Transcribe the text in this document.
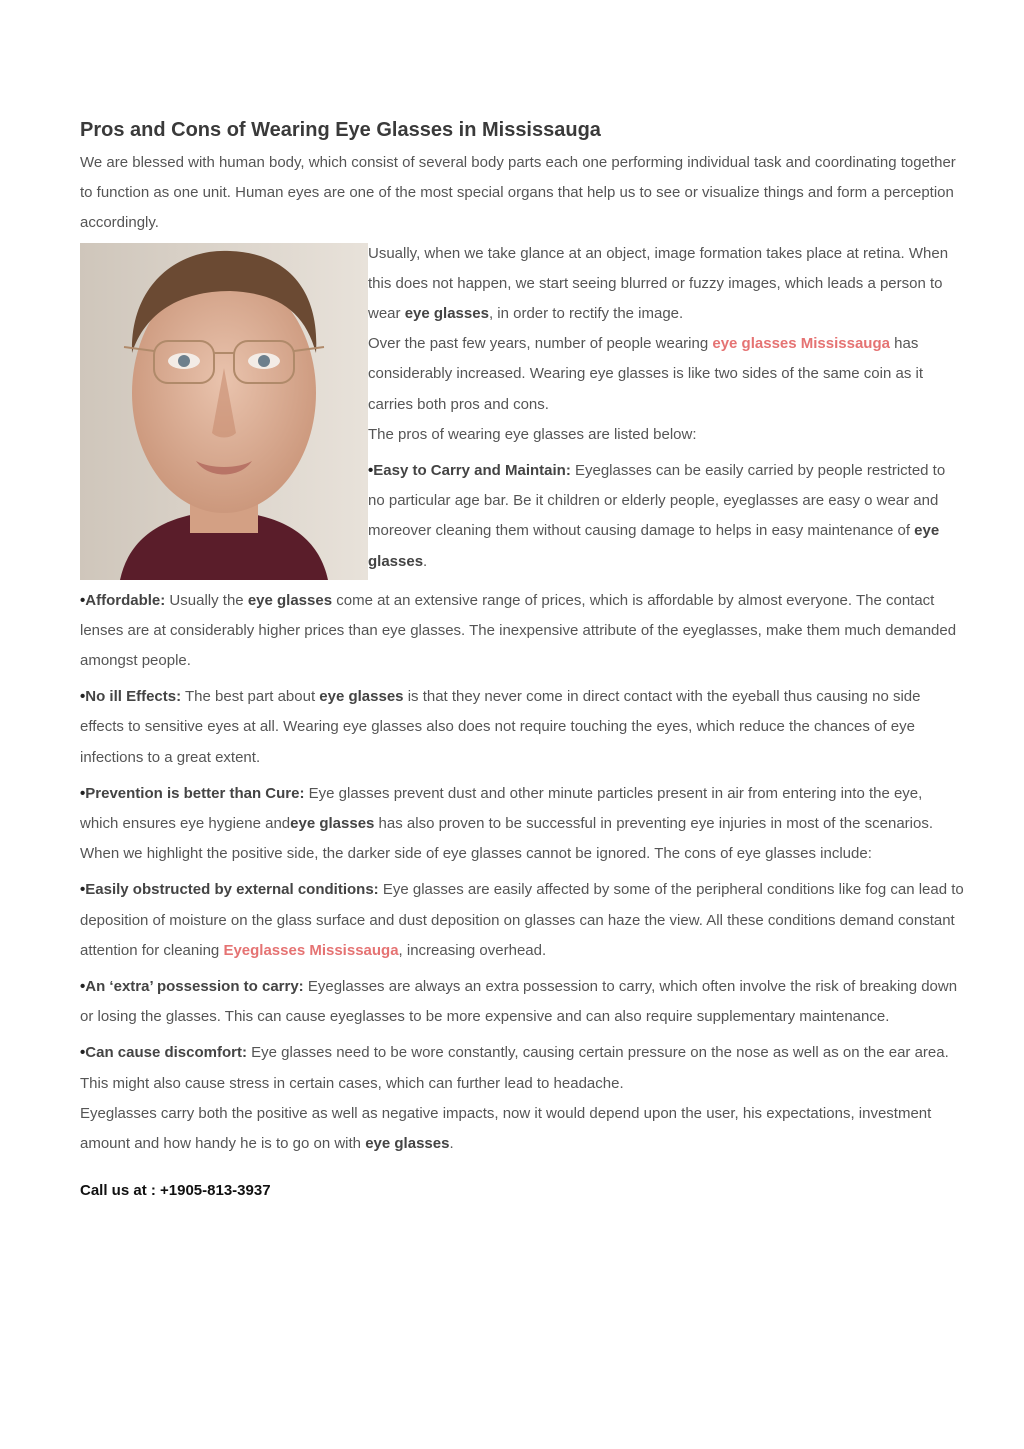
Pros and Cons of Wearing Eye Glasses in Mississauga

We are blessed with human body, which consist of several body parts each one performing individual task and coordinating together to function as one unit. Human eyes are one of the most special organs that help us to see or visualize things and form a perception accordingly.

Usually, when we take glance at an object, image formation takes place at retina. When this does not happen, we start seeing blurred or fuzzy images, which leads a person to wear eye glasses, in order to rectify the image.

Over the past few years, number of people wearing eye glasses Mississauga has considerably increased. Wearing eye glasses is like two sides of the same coin as it carries both pros and cons.

The pros of wearing eye glasses are listed below:

•Easy to Carry and Maintain: Eyeglasses can be easily carried by people restricted to no particular age bar. Be it children or elderly people, eyeglasses are easy o wear and moreover cleaning them without causing damage to helps in easy maintenance of eye glasses.

•Affordable: Usually the eye glasses come at an extensive range of prices, which is affordable by almost everyone. The contact lenses are at considerably higher prices than eye glasses. The inexpensive attribute of the eyeglasses, make them much demanded amongst people.

•No ill Effects: The best part about eye glasses is that they never come in direct contact with the eyeball thus causing no side effects to sensitive eyes at all. Wearing eye glasses also does not require touching the eyes, which reduce the chances of eye infections to a great extent.

•Prevention is better than Cure: Eye glasses prevent dust and other minute particles present in air from entering into the eye, which ensures eye hygiene andeye glasses has also proven to be successful in preventing eye injuries in most of the scenarios.

When we highlight the positive side, the darker side of eye glasses cannot be ignored. The cons of eye glasses include:

•Easily obstructed by external conditions: Eye glasses are easily affected by some of the peripheral conditions like fog can lead to deposition of moisture on the glass surface and dust deposition on glasses can haze the view. All these conditions demand constant attention for cleaning Eyeglasses Mississauga, increasing overhead.

•An ‘extra’ possession to carry: Eyeglasses are always an extra possession to carry, which often involve the risk of breaking down or losing the glasses. This can cause eyeglasses to be more expensive and can also require supplementary maintenance.

•Can cause discomfort: Eye glasses need to be wore constantly, causing certain pressure on the nose as well as on the ear area. This might also cause stress in certain cases, which can further lead to headache.

Eyeglasses carry both the positive as well as negative impacts, now it would depend upon the user, his expectations, investment amount and how handy he is to go on with eye glasses.

Call us at : +1905-813-3937
